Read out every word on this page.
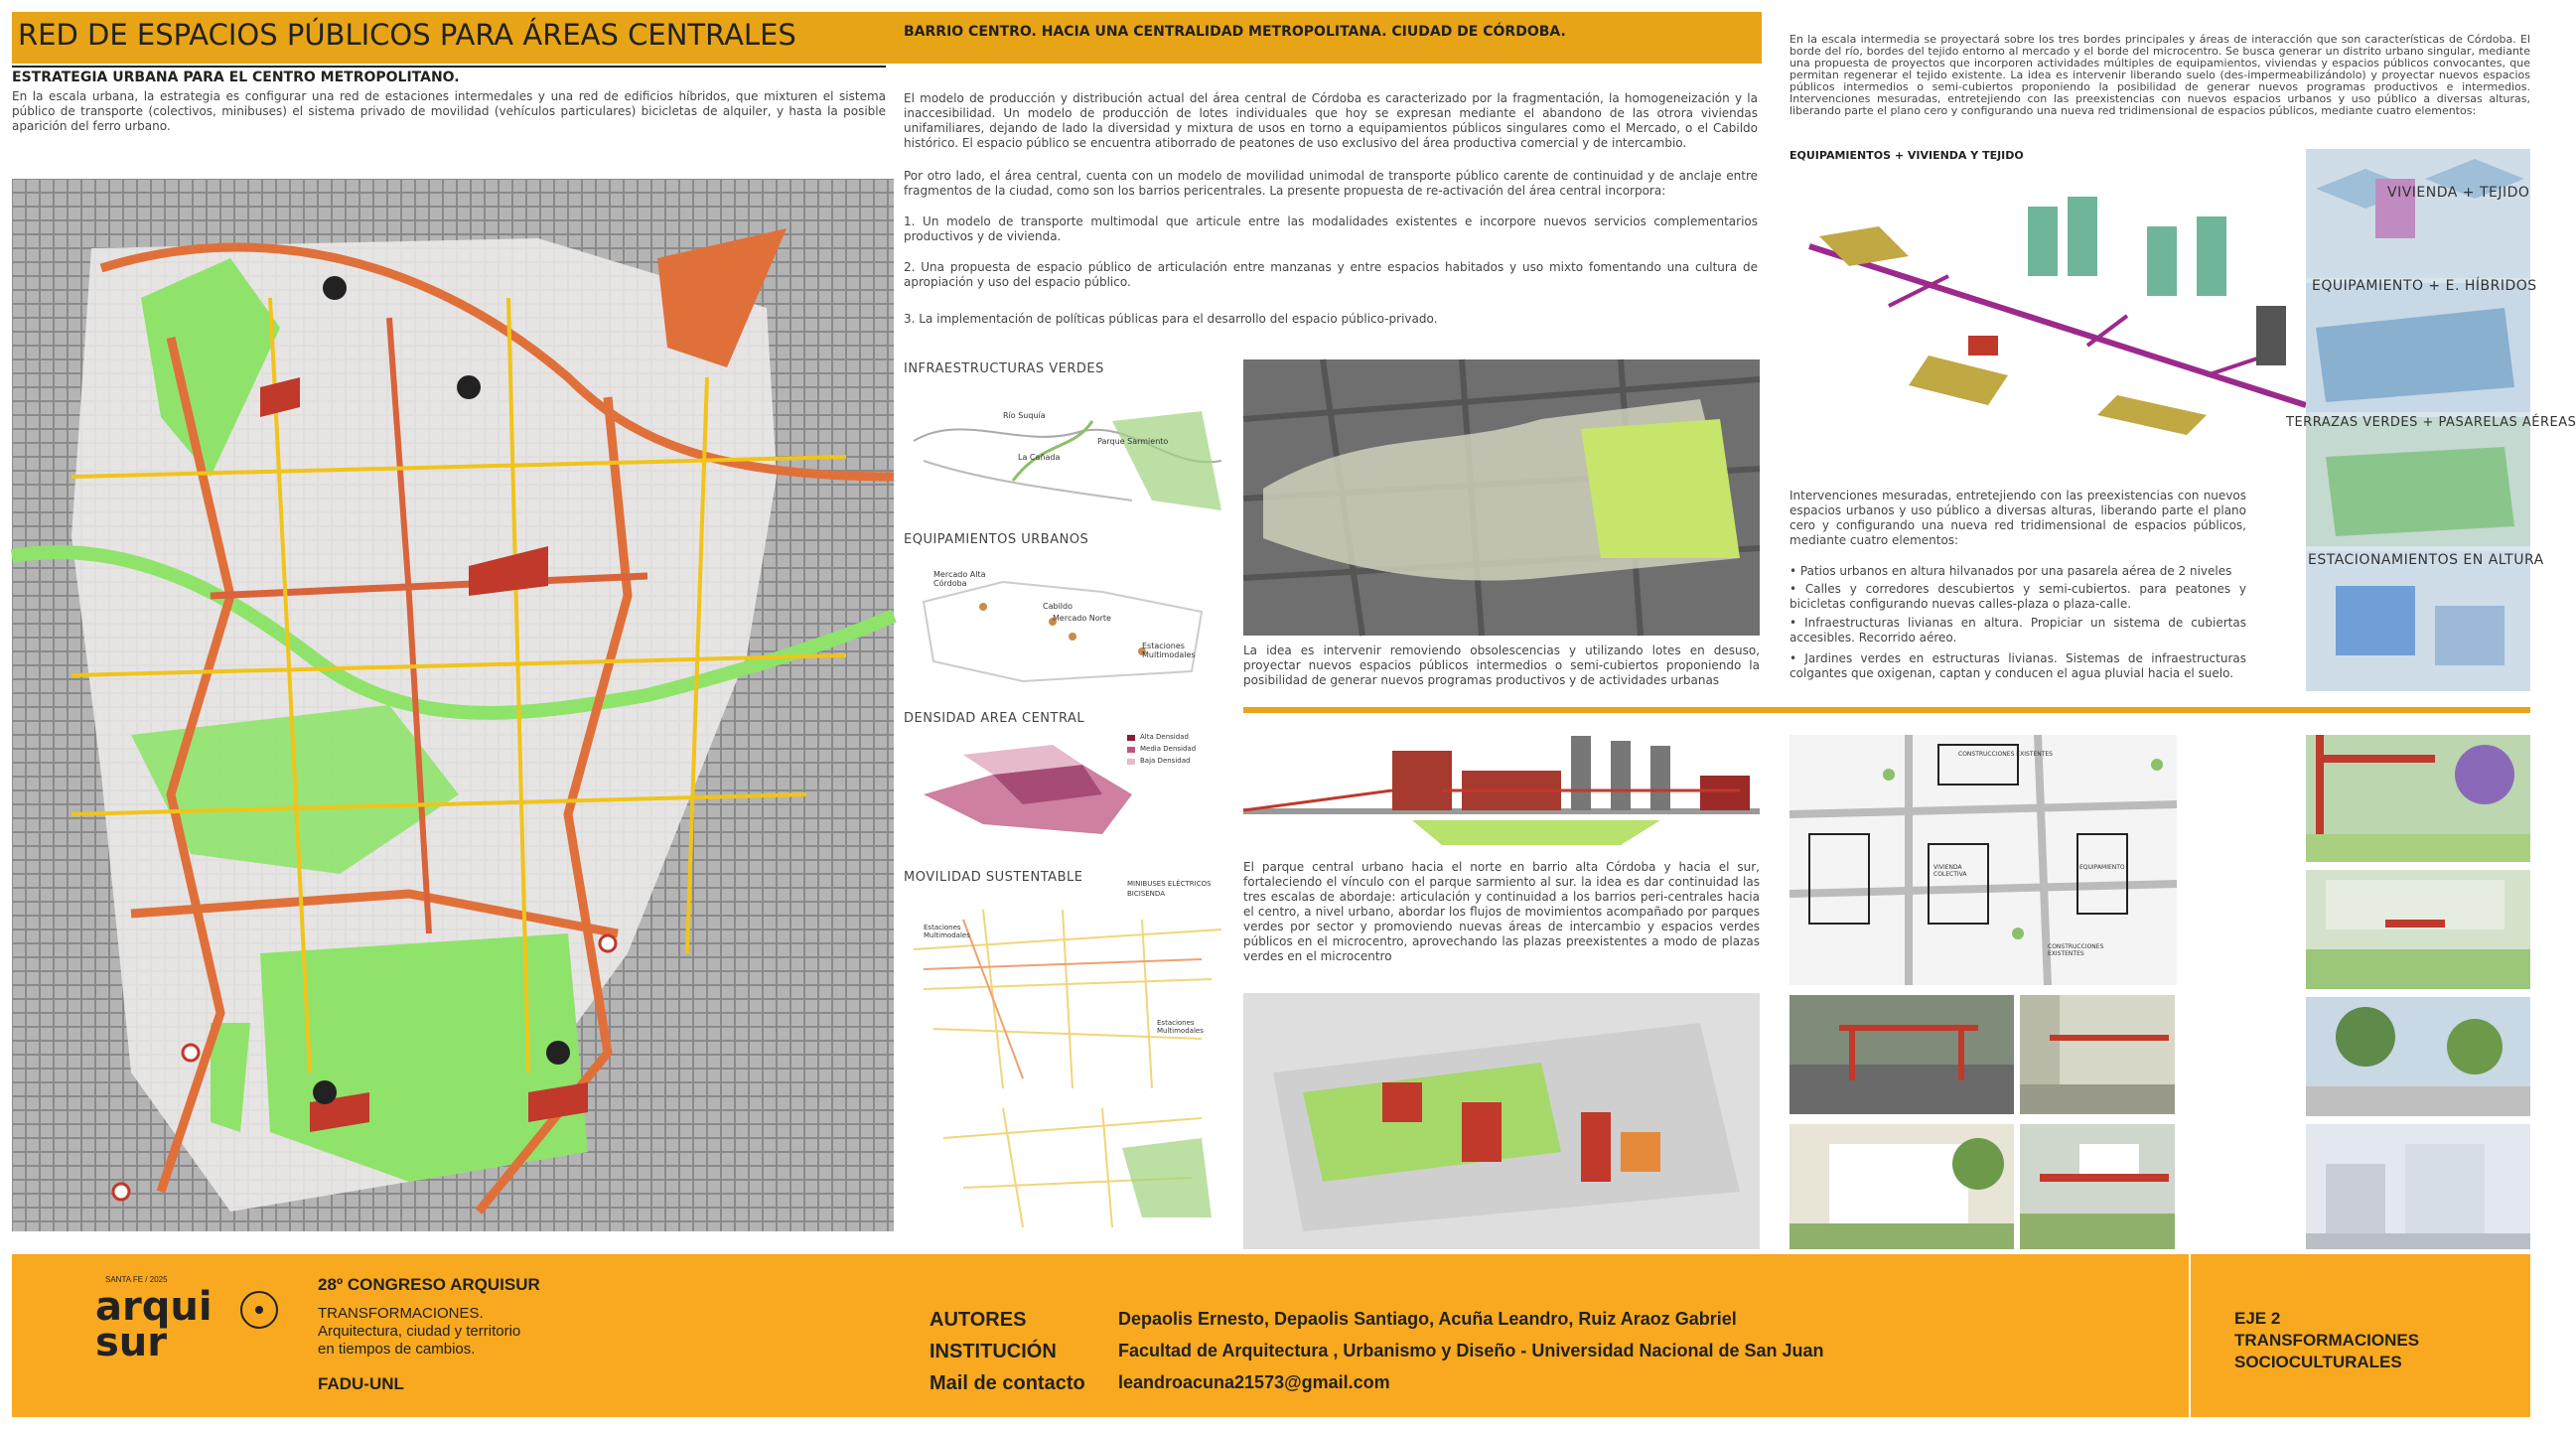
RED DE ESPACIOS PÚBLICOS PARA ÁREAS CENTRALES	BARRIO CENTRO. HACIA UNA CENTRALIDAD METROPOLITANA. CIUDAD DE CÓRDOBA.
ESTRATEGIA URBANA PARA EL CENTRO METROPOLITANO.
En la escala urbana, la estrategia es configurar una red de estaciones intermedales y una red de edificios híbridos, que mixturen el sistema público de transporte (colectivos, minibuses) el sistema privado de movilidad (vehículos particulares) bicicletas de alquiler, y hasta la posible aparición del ferro urbano.
El modelo de producción y distribución actual del área central de Córdoba es caracterizado por la fragmentación, la homogeneización y la inaccesibilidad. Un modelo de producción de lotes individuales que hoy se expresan mediante el abandono de las otrora viviendas unifamiliares, dejando de lado la diversidad y mixtura de usos en torno a equipamientos públicos singulares como el Mercado, o el Cabildo histórico. El espacio público se encuentra atiborrado de peatones de uso exclusivo del área productiva comercial y de intercambio.
Por otro lado, el área central, cuenta con un modelo de movilidad unimodal de transporte público carente de continuidad y de anclaje entre fragmentos de la ciudad, como son los barrios pericentrales. La presente propuesta de re-activación del área central incorpora:
1. Un modelo de transporte multimodal que articule entre las modalidades existentes e incorpore nuevos servicios complementarios productivos y de vivienda.
2. Una propuesta de espacio público de articulación entre manzanas y entre espacios habitados y uso mixto fomentando una cultura de apropiación y uso del espacio público.
3. La implementación de políticas públicas para el desarrollo del espacio público-privado.
INFRAESTRUCTURAS VERDES
Río Suquía
La Cañada
Parque Sarmiento
EQUIPAMIENTOS URBANOS
Mercado Alta Córdoba
Cabildo
Mercado Norte
Estaciones Multimodales
DENSIDAD AREA CENTRAL
Alta Densidad
Media Densidad
Baja Densidad
MOVILIDAD SUSTENTABLE	MINIBUSES ELÉCTRICOS
BICISENDA
Estaciones Multimodales
Estaciones Multimodales
La idea es intervenir removiendo obsolescencias y utilizando lotes en desuso, proyectar nuevos espacios públicos intermedios o semi-cubiertos proponiendo la posibilidad de generar nuevos programas productivos y de actividades urbanas
El parque central urbano hacia el norte en barrio alta Córdoba y hacia el sur, fortaleciendo el vínculo con el parque sarmiento al sur. la idea es dar continuidad las tres escalas de abordaje: articulación y continuidad a los barrios peri-centrales hacia el centro, a nivel urbano, abordar los flujos de movimientos acompañado por parques verdes por sector y promoviendo nuevas áreas de intercambio y espacios verdes públicos en el microcentro, aprovechando las plazas preexistentes a modo de plazas verdes en el microcentro
En la escala intermedia se proyectará sobre los tres bordes principales y áreas de interacción que son características de Córdoba. El borde del río, bordes del tejido entorno al mercado y el borde del microcentro. Se busca generar un distrito urbano singular, mediante una propuesta de proyectos que incorporen actividades múltiples de equipamientos, viviendas y espacios públicos convocantes, que permitan regenerar el tejido existente. La idea es intervenir liberando suelo (des-impermeabilizándolo) y proyectar nuevos espacios públicos intermedios o semi-cubiertos proponiendo la posibilidad de generar nuevos programas productivos e intermedios. Intervenciones mesuradas, entretejiendo con las preexistencias con nuevos espacios urbanos y uso público a diversas alturas, liberando parte el plano cero y configurando una nueva red tridimensional de espacios públicos, mediante cuatro elementos:
EQUIPAMIENTOS + VIVIENDA Y TEJIDO
Intervenciones mesuradas, entretejiendo con las preexistencias con nuevos espacios urbanos y uso público a diversas alturas, liberando parte el plano cero y configurando una nueva red tridimensional de espacios públicos, mediante cuatro elementos:
• Patios urbanos en altura hilvanados por una pasarela aérea de 2 niveles
• Calles y corredores descubiertos y semi-cubiertos. para peatones y bicicletas configurando nuevas calles-plaza o plaza-calle.
• Infraestructuras livianas en altura. Propiciar un sistema de cubiertas accesibles. Recorrido aéreo.
• Jardines verdes en estructuras livianas. Sistemas de infraestructuras colgantes que oxigenan, captan y conducen el agua pluvial hacia el suelo.
VIVIENDA + TEJIDO
EQUIPAMIENTO + E. HÍBRIDOS
TERRAZAS VERDES + PASARELAS AÉREAS
ESTACIONAMIENTOS EN ALTURA
CONSTRUCCIONES EXISTENTES
VIVIENDA COLECTIVA
EQUIPAMIENTO
CONSTRUCCIONES EXISTENTES
SANTA FE / 2025
arquisur
28º CONGRESO ARQUISUR
TRANSFORMACIONES.
Arquitectura, ciudad y territorio
en tiempos de cambios.
FADU-UNL
AUTORES
INSTITUCIÓN
Mail de contacto
Depaolis Ernesto, Depaolis Santiago, Acuña Leandro, Ruiz Araoz Gabriel
Facultad de Arquitectura , Urbanismo y Diseño - Universidad Nacional de San Juan
leandroacuna21573@gmail.com
EJE 2
TRANSFORMACIONES
SOCIOCULTURALES
